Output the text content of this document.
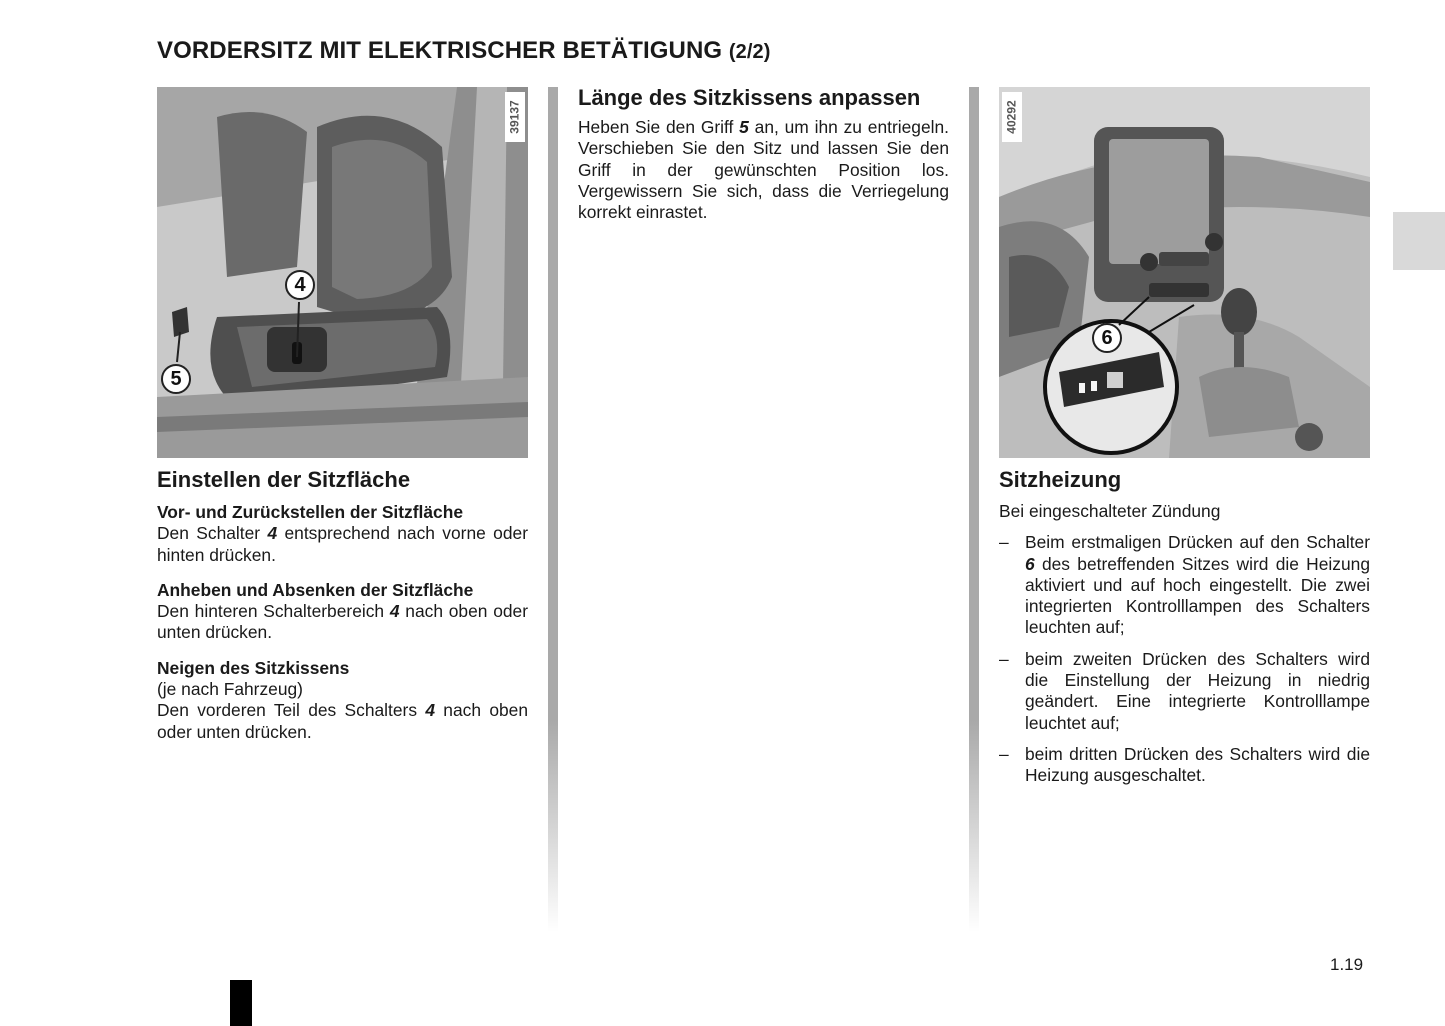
VORDERSITZ MIT ELEKTRISCHER BETÄTIGUNG (2/2)
39137
4
5
Einstellen der Sitzfläche
Vor- und Zurückstellen der Sitzfläche

Den Schalter 4 entsprechend nach vorne oder hinten drücken.

Anheben und Absenken der Sitzfläche

Den hinteren Schalterbereich 4 nach oben oder unten drücken.

Neigen des Sitzkissens
(je nach Fahrzeug)

Den vorderen Teil des Schalters 4 nach oben oder unten drücken.

Länge des Sitzkissens anpassen

Heben Sie den Griff 5 an, um ihn zu entriegeln. Verschieben Sie den Sitz und lassen Sie den Griff in der gewünschten Position los. Vergewissern Sie sich, dass die Verriegelung korrekt einrastet.

40292
6
Sitzheizung

Bei eingeschalteter Zündung

– Beim erstmaligen Drücken auf den Schalter 6 des betreffenden Sitzes wird die Heizung aktiviert und auf hoch eingestellt. Die zwei integrierten Kontrolllampen des Schalters leuchten auf;
– beim zweiten Drücken des Schalters wird die Einstellung der Heizung in niedrig geändert. Eine integrierte Kontrolllampe leuchtet auf;
– beim dritten Drücken des Schalters wird die Heizung ausgeschaltet.
1.19
